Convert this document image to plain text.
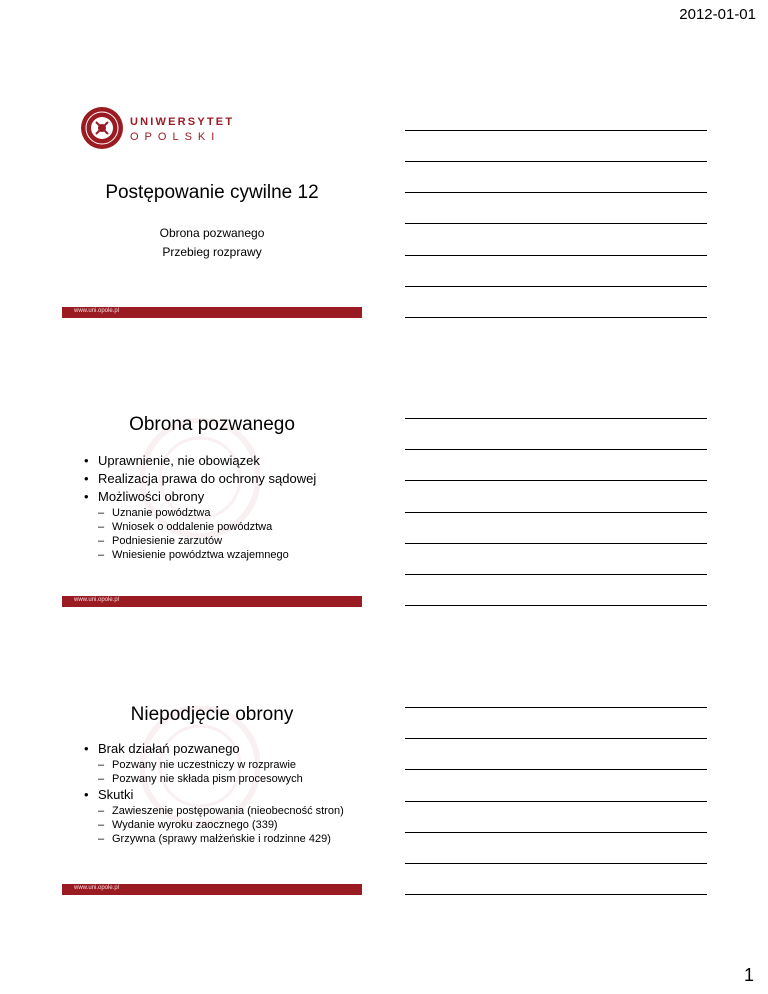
2012-01-01
UNIWERSYTET
OPOLSKI
Postępowanie cywilne 12
Obrona pozwanego
Przebieg rozprawy
www.uni.opole.pl
Obrona pozwanego
• Uprawnienie, nie obowiązek
• Realizacja prawa do ochrony sądowej
• Możliwości obrony
– Uznanie powództwa
– Wniosek o oddalenie powództwa
– Podniesienie zarzutów
– Wniesienie powództwa wzajemnego
www.uni.opole.pl
Niepodjęcie obrony
• Brak działań pozwanego
– Pozwany nie uczestniczy w rozprawie
– Pozwany nie składa pism procesowych
• Skutki
– Zawieszenie postępowania (nieobecność stron)
– Wydanie wyroku zaocznego (339)
– Grzywna (sprawy małżeńskie i rodzinne 429)
www.uni.opole.pl
1
